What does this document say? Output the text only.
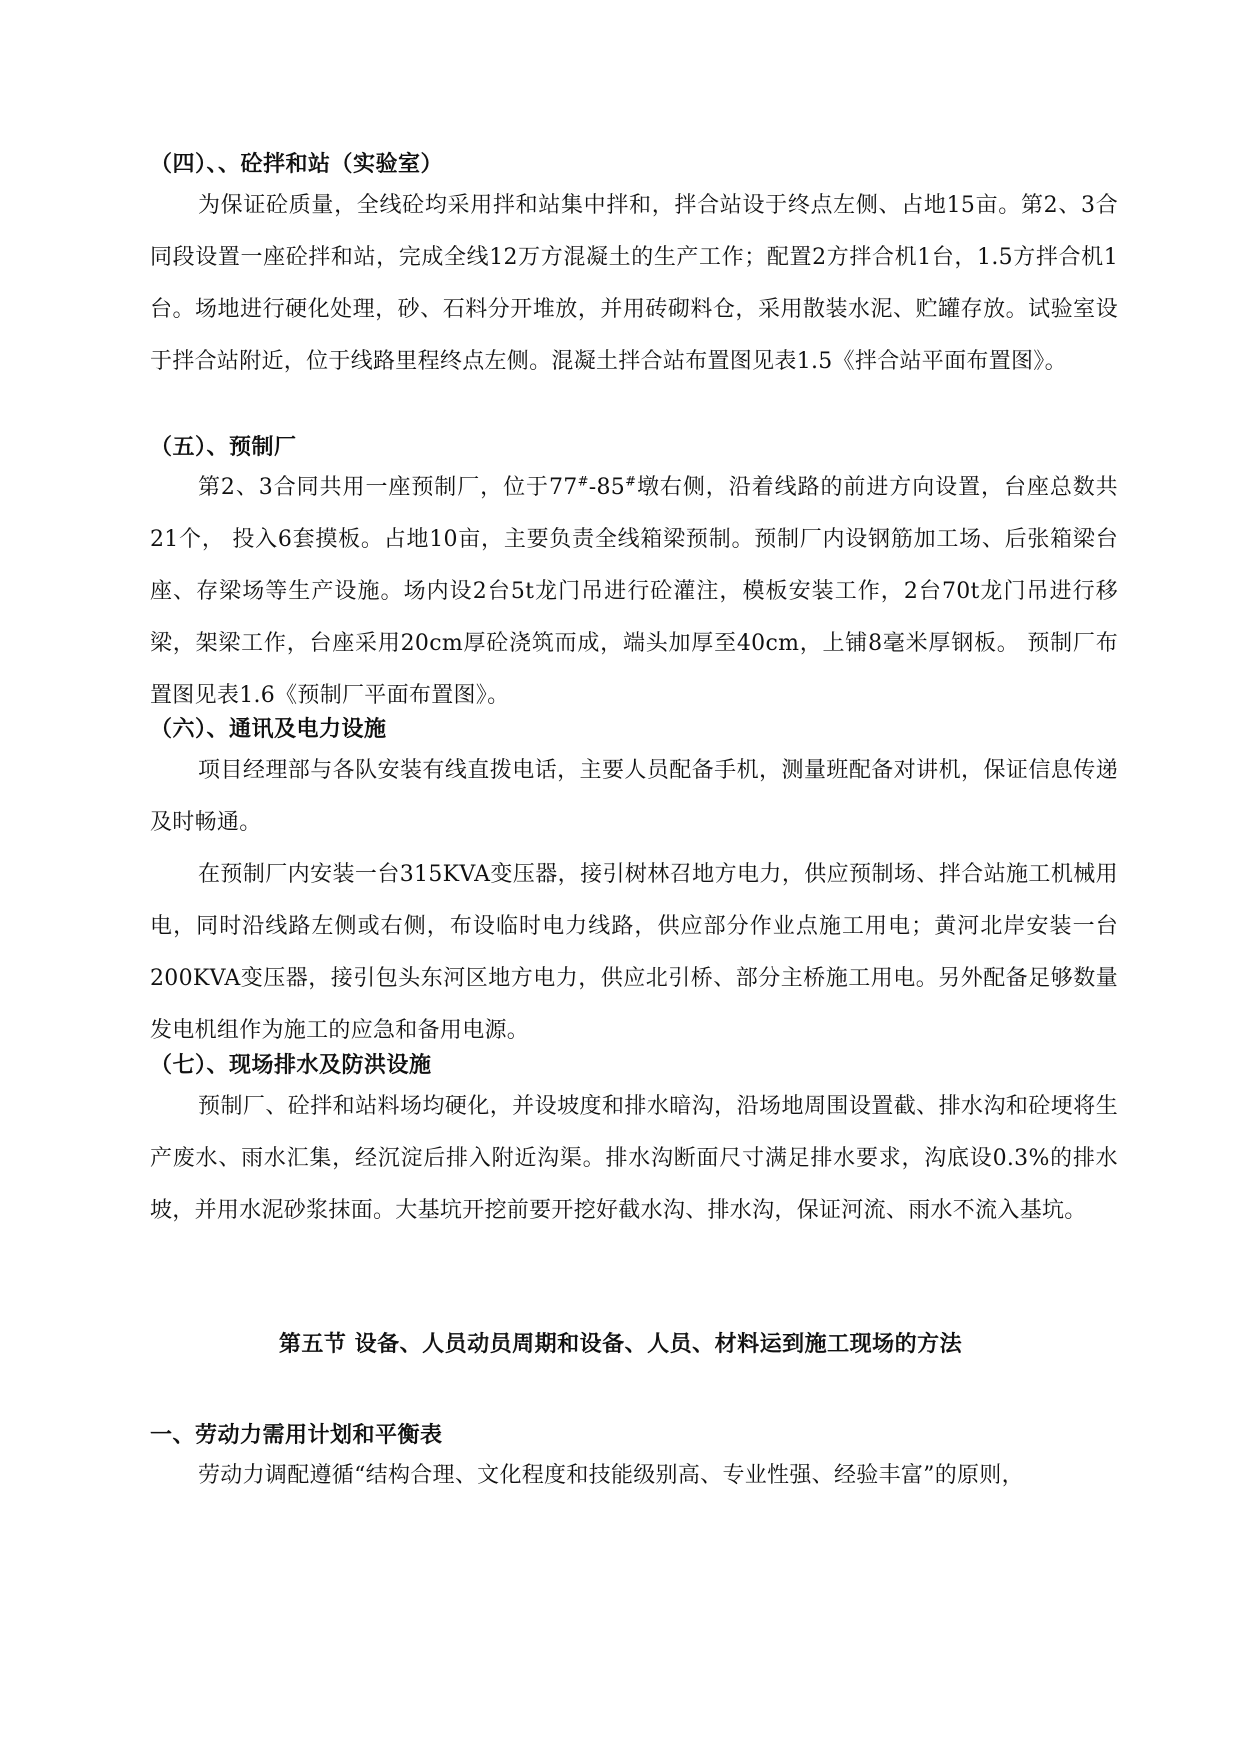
（四）、、砼拌和站（实验室）

为保证砼质量，全线砼均采用拌和站集中拌和，拌合站设于终点左侧、占地15亩。第2、3合同段设置一座砼拌和站，完成全线12万方混凝土的生产工作；配置2方拌合机1台，1.5方拌合机1台。场地进行硬化处理，砂、石料分开堆放，并用砖砌料仓，采用散装水泥、贮罐存放。试验室设于拌合站附近，位于线路里程终点左侧。混凝土拌合站布置图见表1.5《拌合站平面布置图》。

（五）、预制厂

第2、3合同共用一座预制厂，位于77#-85#墩右侧，沿着线路的前进方向设置，台座总数共21个， 投入6套摸板。占地10亩，主要负责全线箱梁预制。预制厂内设钢筋加工场、后张箱梁台座、存梁场等生产设施。场内设2台5t龙门吊进行砼灌注，模板安装工作，2台70t龙门吊进行移梁，架梁工作，台座采用20cm厚砼浇筑而成，端头加厚至40cm，上铺8毫米厚钢板。 预制厂布置图见表1.6《预制厂平面布置图》。

（六）、通讯及电力设施

项目经理部与各队安装有线直拨电话，主要人员配备手机，测量班配备对讲机，保证信息传递及时畅通。

在预制厂内安装一台315KVA变压器，接引树林召地方电力，供应预制场、拌合站施工机械用电，同时沿线路左侧或右侧，布设临时电力线路，供应部分作业点施工用电；黄河北岸安装一台200KVA变压器，接引包头东河区地方电力，供应北引桥、部分主桥施工用电。另外配备足够数量发电机组作为施工的应急和备用电源。

（七）、现场排水及防洪设施

预制厂、砼拌和站料场均硬化，并设坡度和排水暗沟，沿场地周围设置截、排水沟和砼埂将生产废水、雨水汇集，经沉淀后排入附近沟渠。排水沟断面尺寸满足排水要求，沟底设0.3%的排水坡，并用水泥砂浆抹面。大基坑开挖前要开挖好截水沟、排水沟，保证河流、雨水不流入基坑。

第五节 设备、人员动员周期和设备、人员、材料运到施工现场的方法
一、劳动力需用计划和平衡表

劳动力调配遵循“结构合理、文化程度和技能级别高、专业性强、经验丰富”的原则，
